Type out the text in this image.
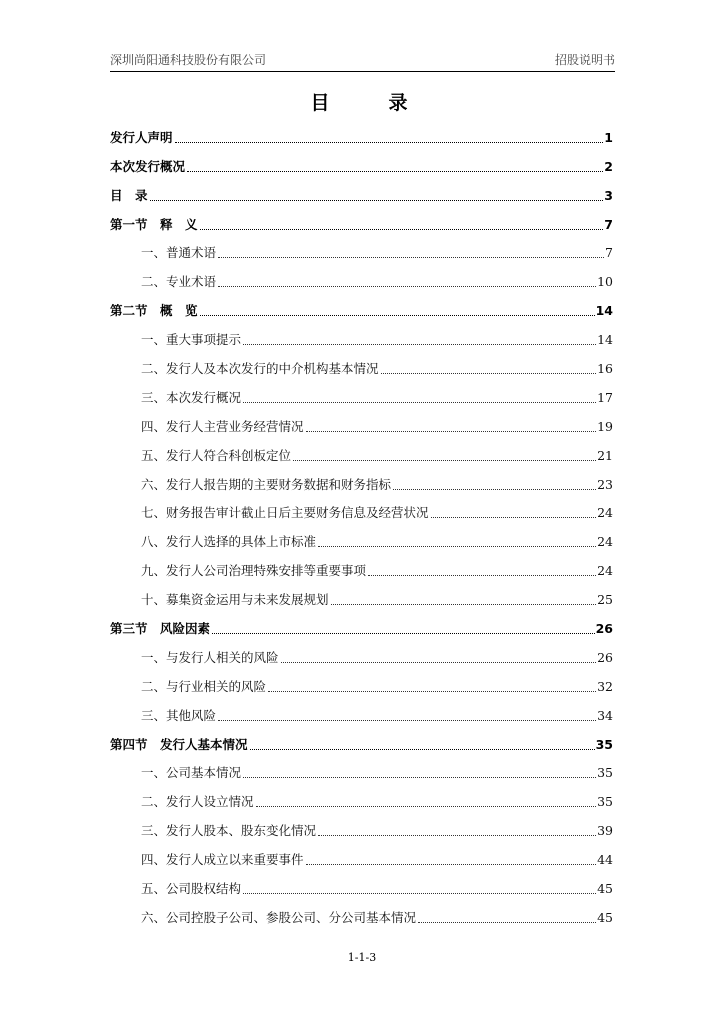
深圳尚阳通科技股份有限公司	招股说明书
目　录
发行人声明	1
本次发行概况	2
目　录	3
第一节　释　义	7
一、普通术语	7
二、专业术语	10
第二节　概　览	14
一、重大事项提示	14
二、发行人及本次发行的中介机构基本情况	16
三、本次发行概况	17
四、发行人主营业务经营情况	19
五、发行人符合科创板定位	21
六、发行人报告期的主要财务数据和财务指标	23
七、财务报告审计截止日后主要财务信息及经营状况	24
八、发行人选择的具体上市标准	24
九、发行人公司治理特殊安排等重要事项	24
十、募集资金运用与未来发展规划	25
第三节　风险因素	26
一、与发行人相关的风险	26
二、与行业相关的风险	32
三、其他风险	34
第四节　发行人基本情况	35
一、公司基本情况	35
二、发行人设立情况	35
三、发行人股本、股东变化情况	39
四、发行人成立以来重要事件	44
五、公司股权结构	45
六、公司控股子公司、参股公司、分公司基本情况	45
1-1-3
